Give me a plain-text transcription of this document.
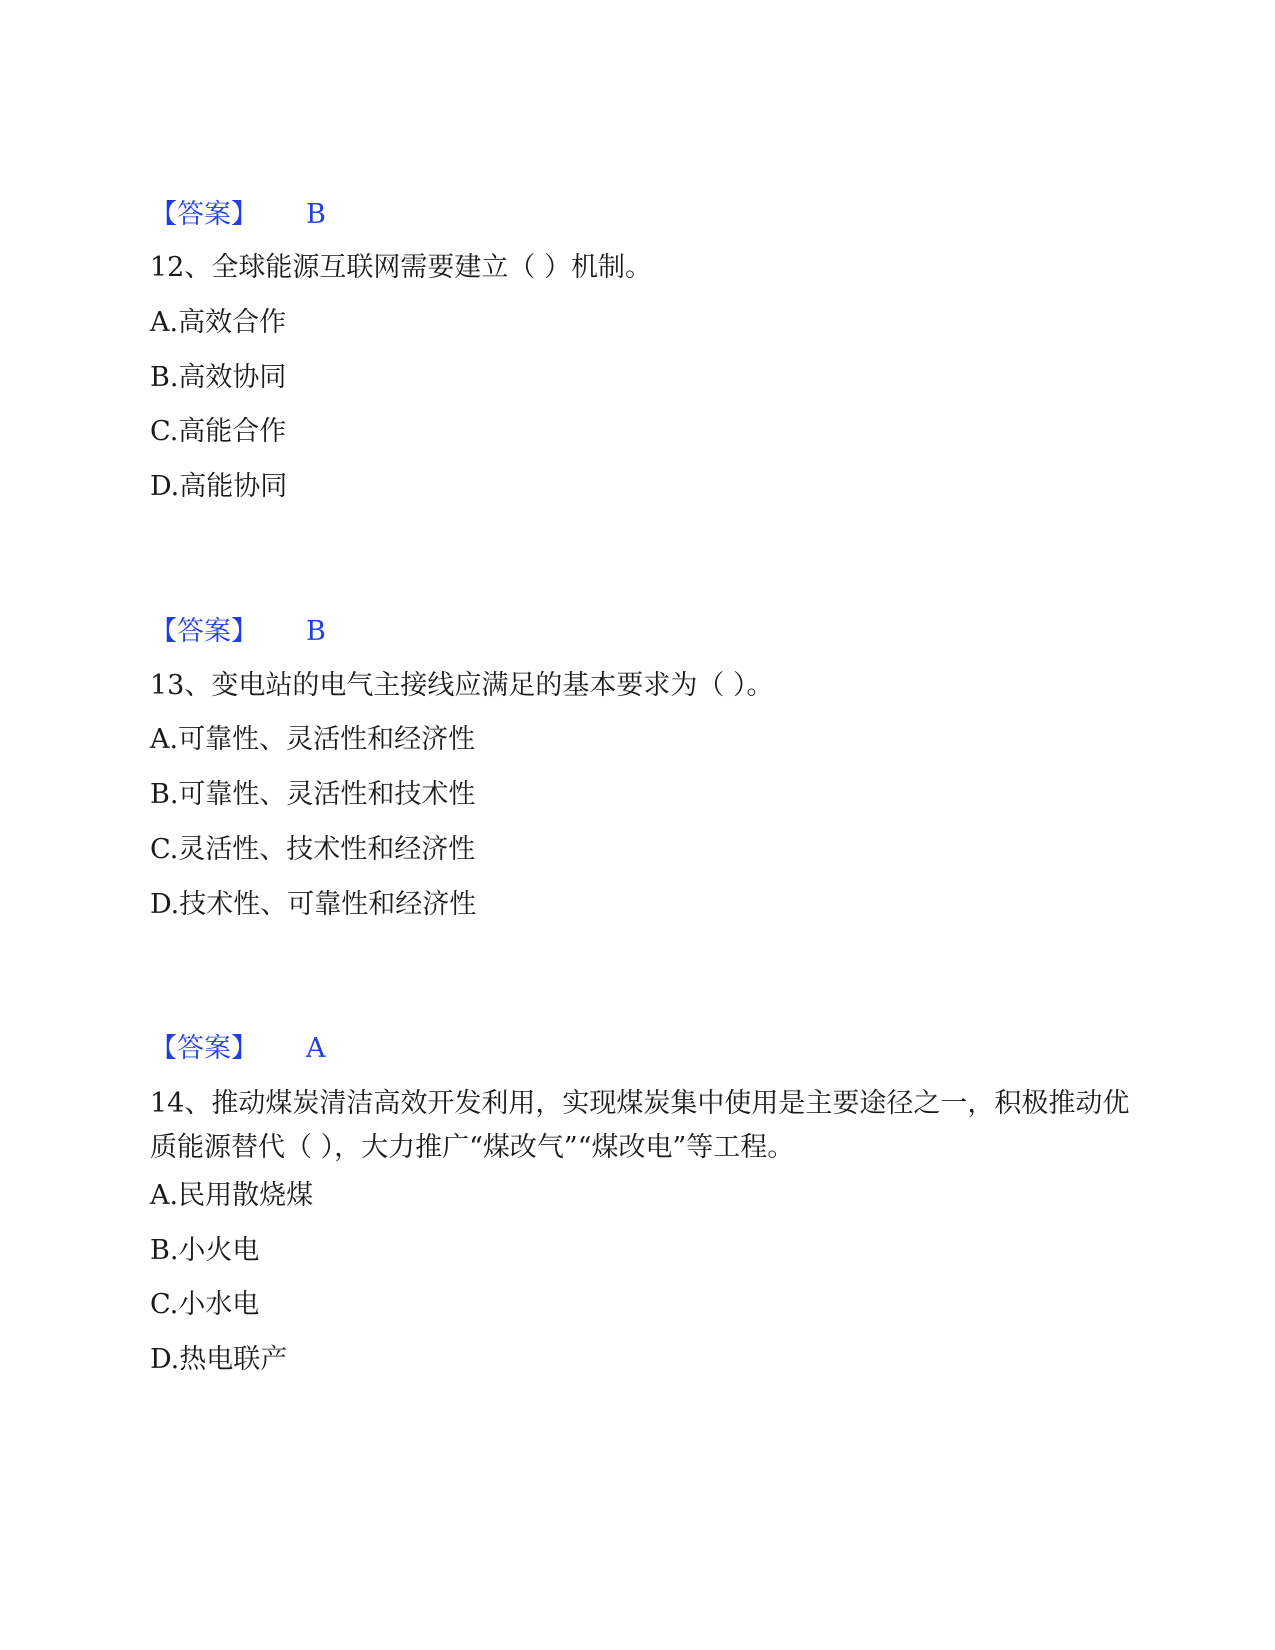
【答案】 B
12、全球能源互联网需要建立（ ）机制。
A.高效合作
B.高效协同
C.高能合作
D.高能协同
【答案】 B
13、变电站的电气主接线应满足的基本要求为（ ）。
A.可靠性、灵活性和经济性
B.可靠性、灵活性和技术性
C.灵活性、技术性和经济性
D.技术性、可靠性和经济性
【答案】 A
14、推动煤炭清洁高效开发利用，实现煤炭集中使用是主要途径之一，积极推动优质能源替代（ ），大力推广“煤改气”“煤改电”等工程。
A.民用散烧煤
B.小火电
C.小水电
D.热电联产
